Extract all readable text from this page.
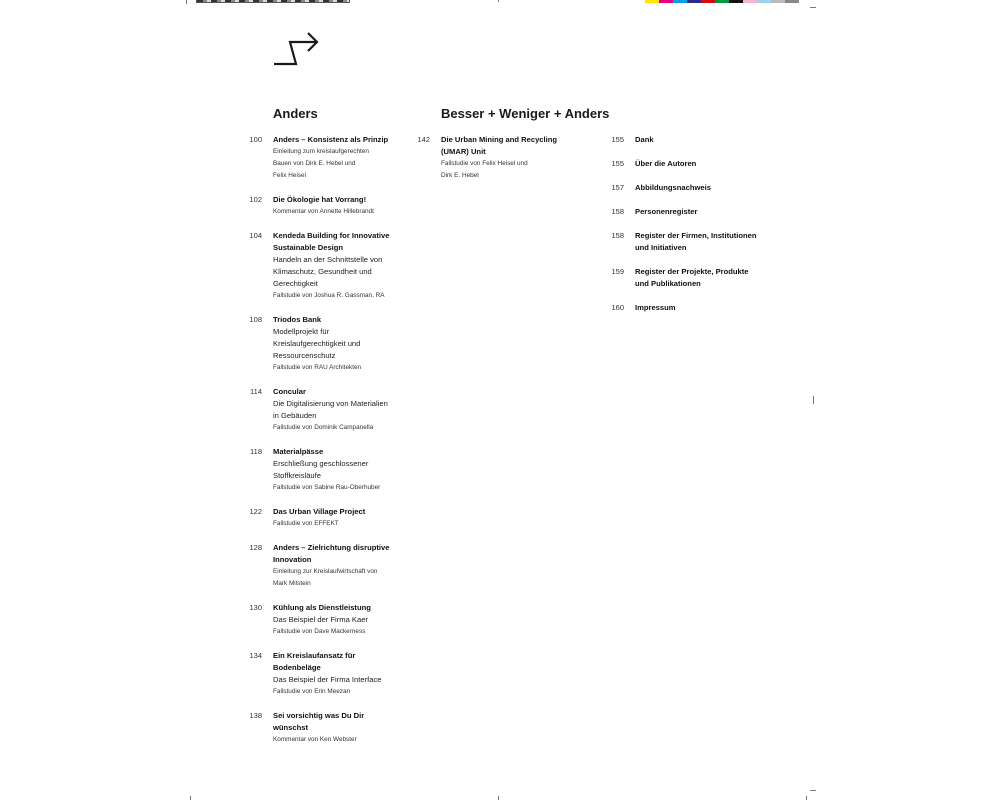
Anders	Besser + Weniger + Anders
100 Anders – Konsistenz als Prinzip
Einleitung zum kreislaufgerechten
Bauen von Dirk E. Hebel und
Felix Heisel
102 Die Ökologie hat Vorrang!
Kommentar von Annette Hillebrandt
104 Kendeda Building for Innovative
Sustainable Design
Handeln an der Schnittstelle von
Klimaschutz, Gesundheit und
Gerechtigkeit
Fallstudie von Joshua R. Gassman, RA
108 Triodos Bank
Modellprojekt für
Kreislaufgerechtigkeit und
Ressourcenschutz
Fallstudie von RAU Architekten
114 Concular
Die Digitalisierung von Materialien
in Gebäuden
Fallstudie von Dominik Campanella
118 Materialpässe
Erschließung geschlossener
Stoffkreisläufe
Fallstudie von Sabine Rau-Oberhuber
122 Das Urban Village Project
Fallstudie von EFFEKT
128 Anders – Zielrichtung disruptive
Innovation
Einleitung zur Kreislaufwirtschaft von
Mark Milstein
130 Kühlung als Dienstleistung
Das Beispiel der Firma Kaer
Fallstudie von Dave Mackerness
134 Ein Kreislaufansatz für
Bodenbeläge
Das Beispiel der Firma Interface
Fallstudie von Erin Meezan
138 Sei vorsichtig was Du Dir
wünschst
Kommentar von Ken Webster
142 Die Urban Mining and Recycling
(UMAR) Unit
Fallstudie von Felix Heisel und
Dirk E. Hebel
155 Dank
155 Über die Autoren
157 Abbildungsnachweis
158 Personenregister
158 Register der Firmen, Institutionen
und Initiativen
159 Register der Projekte, Produkte
und Publikationen
160 Impressum
